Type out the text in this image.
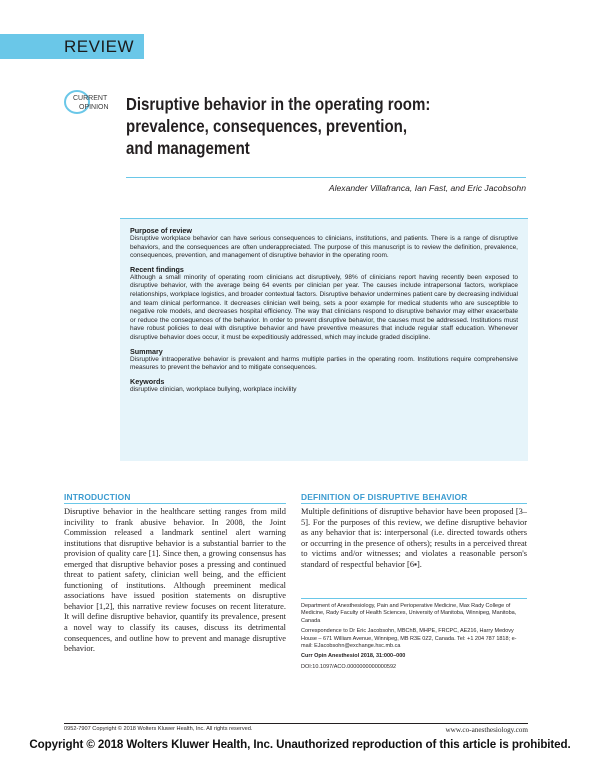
REVIEW
CURRENT
OPINION Disruptive behavior in the operating room:
prevalence, consequences, prevention,
and management
Alexander Villafranca, Ian Fast, and Eric Jacobsohn
Purpose of review
Disruptive workplace behavior can have serious consequences to clinicians, institutions, and patients. There is a range of disruptive behaviors, and the consequences are often underappreciated. The purpose of this manuscript is to review the definition, prevalence, consequences, prevention, and management of disruptive behavior in the operating room.
Recent findings
Although a small minority of operating room clinicians act disruptively, 98% of clinicians report having recently been exposed to disruptive behavior, with the average being 64 events per clinician per year. The causes include intrapersonal factors, workplace relationships, workplace logistics, and broader contextual factors. Disruptive behavior undermines patient care by decreasing individual and team clinical performance. It decreases clinician well being, sets a poor example for medical students who are susceptible to negative role models, and decreases hospital efficiency. The way that clinicians respond to disruptive behavior may either exacerbate or reduce the consequences of the behavior. In order to prevent disruptive behavior, the causes must be addressed. Institutions must have robust policies to deal with disruptive behavior and have preventive measures that include regular staff education. Whenever disruptive behavior does occur, it must be expeditiously addressed, which may include graded discipline.
Summary
Disruptive intraoperative behavior is prevalent and harms multiple parties in the operating room. Institutions require comprehensive measures to prevent the behavior and to mitigate consequences.
Keywords
disruptive clinician, workplace bullying, workplace incivility
INTRODUCTION
Disruptive behavior in the healthcare setting ranges from mild incivility to frank abusive behavior. In 2008, the Joint Commission released a landmark sentinel alert warning institutions that disruptive behavior is a substantial barrier to the provision of quality care [1]. Since then, a growing consensus has emerged that disruptive behavior poses a pressing and continued threat to patient safety, clinician well being, and the efficient functioning of institutions. Although preeminent medical associations have issued position statements on disruptive behavior [1,2], this narrative review focuses on recent literature. It will define disruptive behavior, quantify its prevalence, present a novel way to classify its causes, discuss its detrimental consequences, and outline how to prevent and manage disruptive behavior.
DEFINITION OF DISRUPTIVE BEHAVIOR
Multiple definitions of disruptive behavior have been proposed [3–5]. For the purposes of this review, we define disruptive behavior as any behavior that is: interpersonal (i.e. directed towards others or occurring in the presence of others); results in a perceived threat to victims and/or witnesses; and violates a reasonable person's standard of respectful behavior [6▪].

Department of Anesthesiology, Pain and Perioperative Medicine, Max Rady College of Medicine, Rady Faculty of Health Sciences, University of Manitoba, Winnipeg, Manitoba, Canada

Correspondence to Dr Eric Jacobsohn, MBChB, MHPE, FRCPC, AE216, Harry Medovy House – 671 William Avenue, Winnipeg, MB R3E 0Z2, Canada. Tel: +1 204 787 1818; e-mail: EJacobsohn@exchange.hsc.mb.ca

Curr Opin Anesthesiol 2018, 31:000–000

DOI:10.1097/ACO.0000000000000592

0952-7907 Copyright © 2018 Wolters Kluwer Health, Inc. All rights reserved.	www.co-anesthesiology.com
Copyright © 2018 Wolters Kluwer Health, Inc. Unauthorized reproduction of this article is prohibited.
